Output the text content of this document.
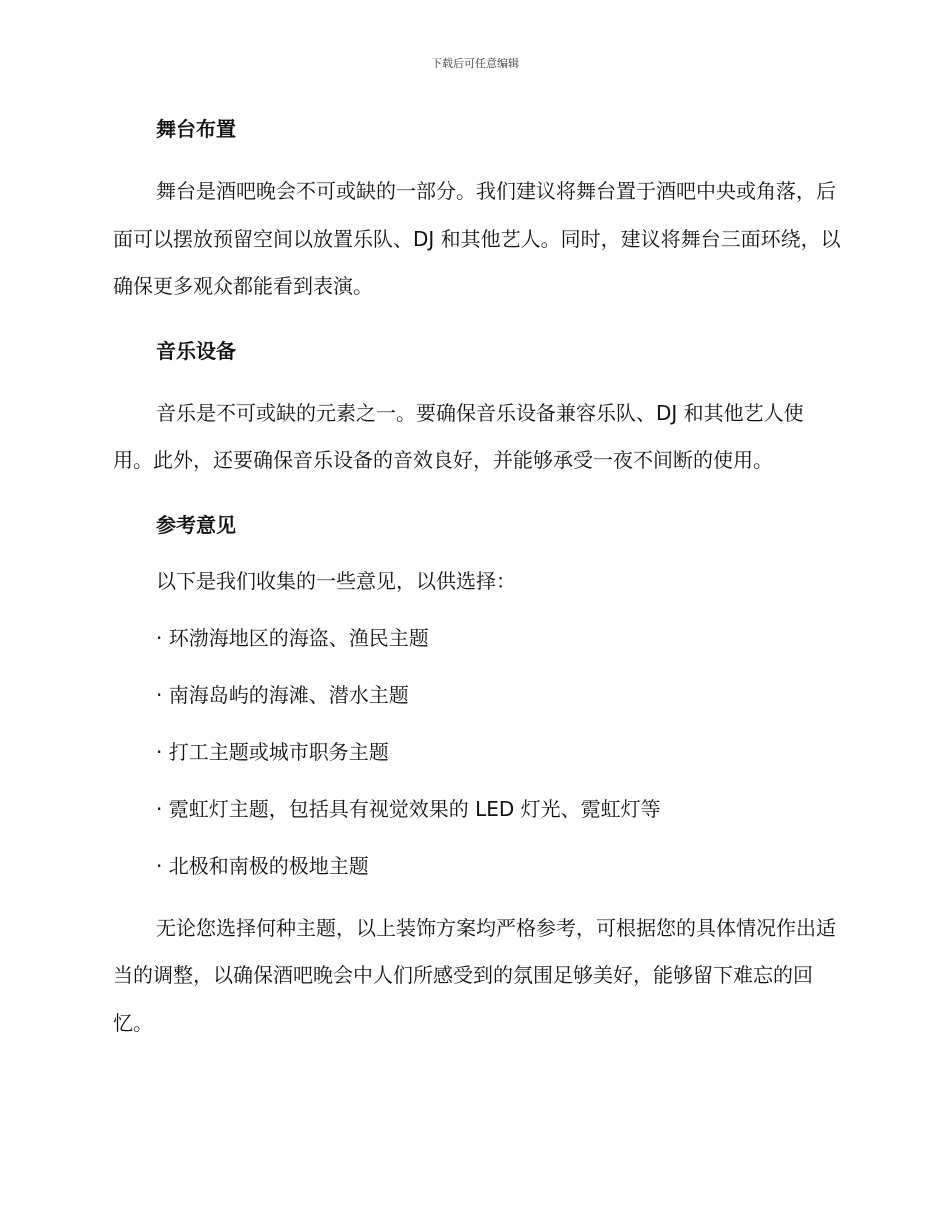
下载后可任意编辑
舞台布置

舞台是酒吧晚会不可或缺的一部分。我们建议将舞台置于酒吧中央或角落，后面可以摆放预留空间以放置乐队、DJ 和其他艺人。同时，建议将舞台三面环绕，以确保更多观众都能看到表演。

音乐设备

音乐是不可或缺的元素之一。要确保音乐设备兼容乐队、DJ 和其他艺人使用。此外，还要确保音乐设备的音效良好，并能够承受一夜不间断的使用。

参考意见

以下是我们收集的一些意见，以供选择：

· 环渤海地区的海盗、渔民主题

· 南海岛屿的海滩、潜水主题

· 打工主题或城市职务主题

· 霓虹灯主题，包括具有视觉效果的 LED 灯光、霓虹灯等

· 北极和南极的极地主题

无论您选择何种主题，以上装饰方案均严格参考，可根据您的具体情况作出适当的调整，以确保酒吧晚会中人们所感受到的氛围足够美好，能够留下难忘的回忆。
